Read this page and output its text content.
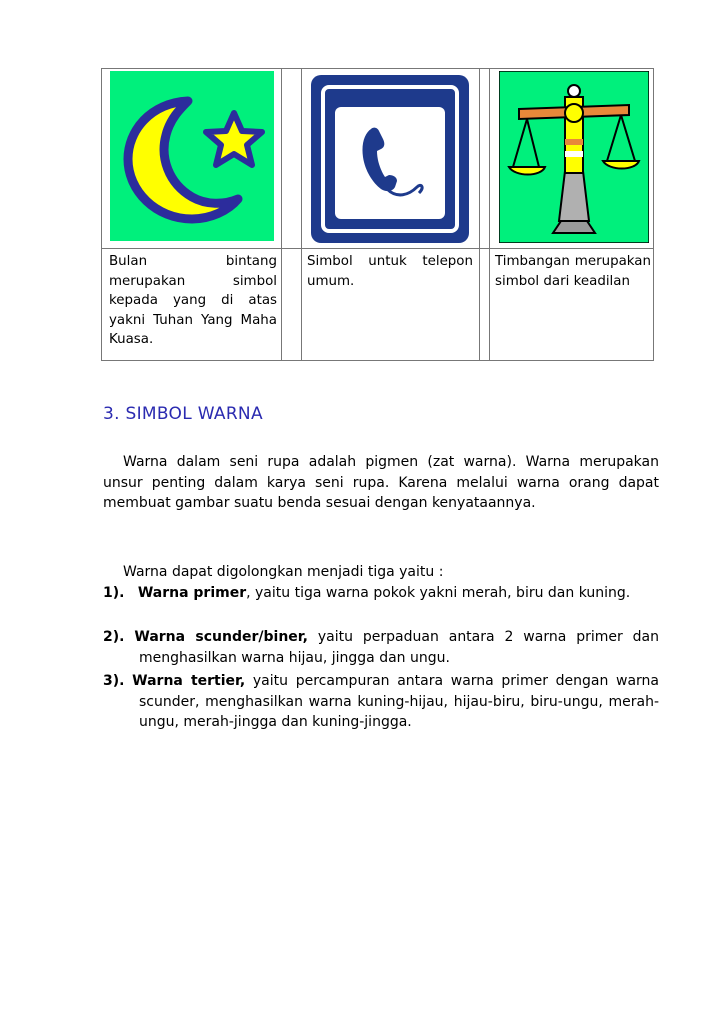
Bulan bintang merupakan simbol kepada yang di atas yakni Tuhan Yang Maha Kuasa.
Simbol untuk telepon umum.
Timbangan merupakan simbol dari keadilan
3. SIMBOL WARNA
Warna dalam seni rupa adalah pigmen (zat warna). Warna merupakan unsur penting dalam karya seni rupa. Karena melalui warna orang dapat membuat gambar suatu benda sesuai dengan kenyataannya.
Warna dapat digolongkan menjadi tiga yaitu :
1). Warna primer, yaitu tiga warna pokok yakni merah, biru dan kuning.
2). Warna scunder/biner, yaitu perpaduan antara 2 warna primer dan menghasilkan warna hijau, jingga dan ungu.
3). Warna tertier, yaitu percampuran antara warna primer dengan warna scunder, menghasilkan warna kuning-hijau, hijau-biru, biru-ungu, merah-ungu, merah-jingga dan kuning-jingga.
